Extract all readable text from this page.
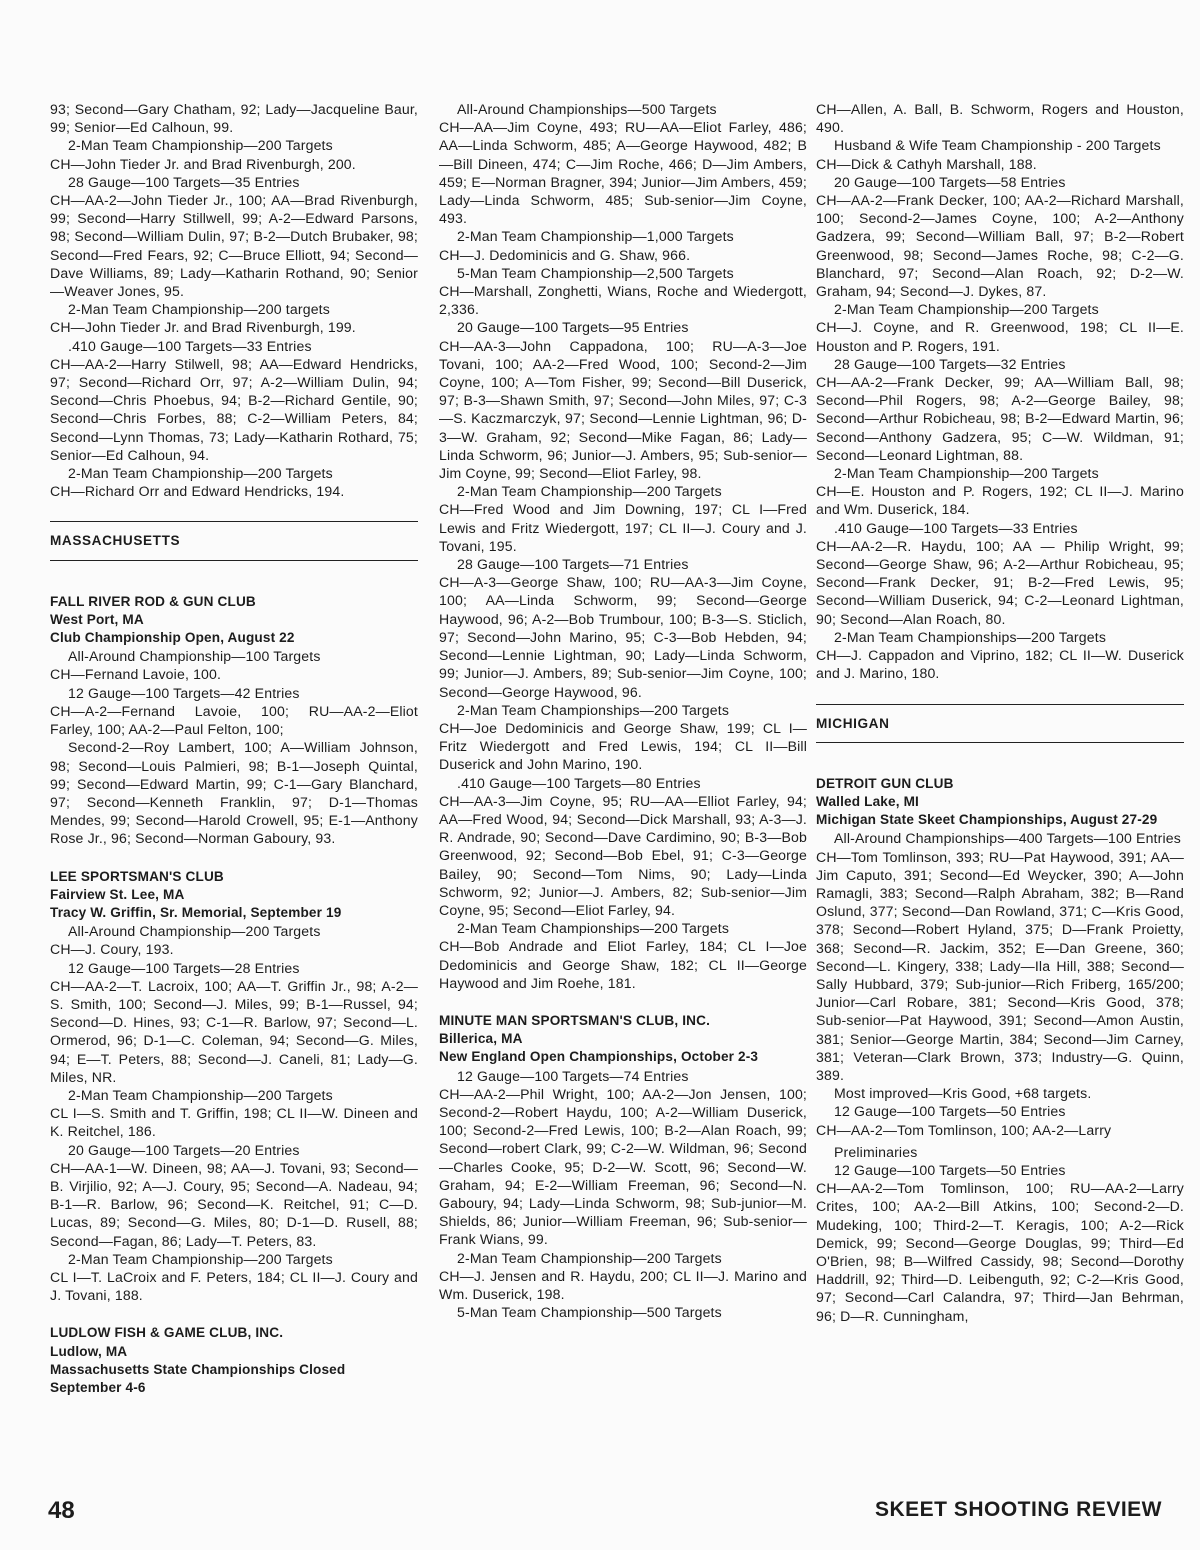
93; Second—Gary Chatham, 92; Lady—Jacqueline Baur, 99; Senior—Ed Calhoun, 99.

2-Man Team Championship—200 Targets

CH—John Tieder Jr. and Brad Rivenburgh, 200.

28 Gauge—100 Targets—35 Entries

CH—AA-2—John Tieder Jr., 100; AA—Brad Rivenburgh, 99; Second—Harry Stillwell, 99; A-2—Edward Parsons, 98; Second—William Dulin, 97; B-2—Dutch Brubaker, 98; Second—Fred Fears, 92; C—Bruce Elliott, 94; Second—Dave Williams, 89; Lady—Katharin Rothand, 90; Senior—Weaver Jones, 95.

2-Man Team Championship—200 targets

CH—John Tieder Jr. and Brad Rivenburgh, 199.

.410 Gauge—100 Targets—33 Entries

CH—AA-2—Harry Stilwell, 98; AA—Edward Hendricks, 97; Second—Richard Orr, 97; A-2—William Dulin, 94; Second—Chris Phoebus, 94; B-2—Richard Gentile, 90; Second—Chris Forbes, 88; C-2—William Peters, 84; Second—Lynn Thomas, 73; Lady—Katharin Rothard, 75; Senior—Ed Calhoun, 94.

2-Man Team Championship—200 Targets

CH—Richard Orr and Edward Hendricks, 194.

MASSACHUSETTS

FALL RIVER ROD & GUN CLUB

West Port, MA

Club Championship Open, August 22

All-Around Championship—100 Targets

CH—Fernand Lavoie, 100.

12 Gauge—100 Targets—42 Entries

CH—A-2—Fernand Lavoie, 100; RU—AA-2—Eliot Farley, 100; AA-2—Paul Felton, 100;

Second-2—Roy Lambert, 100; A—William Johnson, 98; Second—Louis Palmieri, 98; B-1—Joseph Quintal, 99; Second—Edward Martin, 99; C-1—Gary Blanchard, 97; Second—Kenneth Franklin, 97; D-1—Thomas Mendes, 99; Second—Harold Crowell, 95; E-1—Anthony Rose Jr., 96; Second—Norman Gaboury, 93.

LEE SPORTSMAN'S CLUB

Fairview St. Lee, MA

Tracy W. Griffin, Sr. Memorial, September 19

All-Around Championship—200 Targets

CH—J. Coury, 193.

12 Gauge—100 Targets—28 Entries

CH—AA-2—T. Lacroix, 100; AA—T. Griffin Jr., 98; A-2—S. Smith, 100; Second—J. Miles, 99; B-1—Russel, 94; Second—D. Hines, 93; C-1—R. Barlow, 97; Second—L. Ormerod, 96; D-1—C. Coleman, 94; Second—G. Miles, 94; E—T. Peters, 88; Second—J. Caneli, 81; Lady—G. Miles, NR.

2-Man Team Championship—200 Targets

CL I—S. Smith and T. Griffin, 198; CL II—W. Dineen and K. Reitchel, 186.

20 Gauge—100 Targets—20 Entries

CH—AA-1—W. Dineen, 98; AA—J. Tovani, 93; Second—B. Virjilio, 92; A—J. Coury, 95; Second—A. Nadeau, 94; B-1—R. Barlow, 96; Second—K. Reitchel, 91; C—D. Lucas, 89; Second—G. Miles, 80; D-1—D. Rusell, 88; Second—Fagan, 86; Lady—T. Peters, 83.

2-Man Team Championship—200 Targets

CL I—T. LaCroix and F. Peters, 184; CL II—J. Coury and J. Tovani, 188.

LUDLOW FISH & GAME CLUB, INC.

Ludlow, MA

Massachusetts State Championships Closed September 4-6

All-Around Championships—500 Targets

CH—AA—Jim Coyne, 493; RU—AA—Eliot Farley, 486; AA—Linda Schworm, 485; A—George Haywood, 482; B—Bill Dineen, 474; C—Jim Roche, 466; D—Jim Ambers, 459; E—Norman Bragner, 394; Junior—Jim Ambers, 459; Lady—Linda Schworm, 485; Sub-senior—Jim Coyne, 493.

2-Man Team Championship—1,000 Targets

CH—J. Dedominicis and G. Shaw, 966.

5-Man Team Championship—2,500 Targets

CH—Marshall, Zonghetti, Wians, Roche and Wiedergott, 2,336.

20 Gauge—100 Targets—95 Entries

CH—AA-3—John Cappadona, 100; RU—A-3—Joe Tovani, 100; AA-2—Fred Wood, 100; Second-2—Jim Coyne, 100; A—Tom Fisher, 99; Second—Bill Duserick, 97; B-3—Shawn Smith, 97; Second—John Miles, 97; C-3—S. Kaczmarczyk, 97; Second—Lennie Lightman, 96; D-3—W. Graham, 92; Second—Mike Fagan, 86; Lady—Linda Schworm, 96; Junior—J. Ambers, 95; Sub-senior—Jim Coyne, 99; Second—Eliot Farley, 98.

2-Man Team Championship—200 Targets

CH—Fred Wood and Jim Downing, 197; CL I—Fred Lewis and Fritz Wiedergott, 197; CL II—J. Coury and J. Tovani, 195.

28 Gauge—100 Targets—71 Entries

CH—A-3—George Shaw, 100; RU—AA-3—Jim Coyne, 100; AA—Linda Schworm, 99; Second—George Haywood, 96; A-2—Bob Trumbour, 100; B-3—S. Sticlich, 97; Second—John Marino, 95; C-3—Bob Hebden, 94; Second—Lennie Lightman, 90; Lady—Linda Schworm, 99; Junior—J. Ambers, 89; Sub-senior—Jim Coyne, 100; Second—George Haywood, 96.

2-Man Team Championships—200 Targets

CH—Joe Dedominicis and George Shaw, 199; CL I—Fritz Wiedergott and Fred Lewis, 194; CL II—Bill Duserick and John Marino, 190.

.410 Gauge—100 Targets—80 Entries

CH—AA-3—Jim Coyne, 95; RU—AA—Elliot Farley, 94; AA—Fred Wood, 94; Second—Dick Marshall, 93; A-3—J. R. Andrade, 90; Second—Dave Cardimino, 90; B-3—Bob Greenwood, 92; Second—Bob Ebel, 91; C-3—George Bailey, 90; Second—Tom Nims, 90; Lady—Linda Schworm, 92; Junior—J. Ambers, 82; Sub-senior—Jim Coyne, 95; Second—Eliot Farley, 94.

2-Man Team Championships—200 Targets

CH—Bob Andrade and Eliot Farley, 184; CL I—Joe Dedominicis and George Shaw, 182; CL II—George Haywood and Jim Roehe, 181.

MINUTE MAN SPORTSMAN'S CLUB, INC.

Billerica, MA

New England Open Championships, October 2-3

12 Gauge—100 Targets—74 Entries

CH—AA-2—Phil Wright, 100; AA-2—Jon Jensen, 100; Second-2—Robert Haydu, 100; A-2—William Duserick, 100; Second-2—Fred Lewis, 100; B-2—Alan Roach, 99; Second—robert Clark, 99; C-2—W. Wildman, 96; Second—Charles Cooke, 95; D-2—W. Scott, 96; Second—W. Graham, 94; E-2—William Freeman, 96; Second—N. Gaboury, 94; Lady—Linda Schworm, 98; Sub-junior—M. Shields, 86; Junior—William Freeman, 96; Sub-senior—Frank Wians, 99.

2-Man Team Championship—200 Targets

CH—J. Jensen and R. Haydu, 200; CL II—J. Marino and Wm. Duserick, 198.

5-Man Team Championship—500 Targets

CH—Allen, A. Ball, B. Schworm, Rogers and Houston, 490.

Husband & Wife Team Championship - 200 Targets

CH—Dick & Cathyh Marshall, 188.

20 Gauge—100 Targets—58 Entries

CH—AA-2—Frank Decker, 100; AA-2—Richard Marshall, 100; Second-2—James Coyne, 100; A-2—Anthony Gadzera, 99; Second—William Ball, 97; B-2—Robert Greenwood, 98; Second—James Roche, 98; C-2—G. Blanchard, 97; Second—Alan Roach, 92; D-2—W. Graham, 94; Second—J. Dykes, 87.

2-Man Team Championship—200 Targets

CH—J. Coyne, and R. Greenwood, 198; CL II—E. Houston and P. Rogers, 191.

28 Gauge—100 Targets—32 Entries

CH—AA-2—Frank Decker, 99; AA—William Ball, 98; Second—Phil Rogers, 98; A-2—George Bailey, 98; Second—Arthur Robicheau, 98; B-2—Edward Martin, 96; Second—Anthony Gadzera, 95; C—W. Wildman, 91; Second—Leonard Lightman, 88.

2-Man Team Championship—200 Targets

CH—E. Houston and P. Rogers, 192; CL II—J. Marino and Wm. Duserick, 184.

.410 Gauge—100 Targets—33 Entries

CH—AA-2—R. Haydu, 100; AA — Philip Wright, 99; Second—George Shaw, 96; A-2—Arthur Robicheau, 95; Second—Frank Decker, 91; B-2—Fred Lewis, 95; Second—William Duserick, 94; C-2—Leonard Lightman, 90; Second—Alan Roach, 80.

2-Man Team Championships—200 Targets

CH—J. Cappadon and Viprino, 182; CL II—W. Duserick and J. Marino, 180.

MICHIGAN

DETROIT GUN CLUB

Walled Lake, MI

Michigan State Skeet Championships, August 27-29

All-Around Championships—400 Targets—100 Entries

CH—Tom Tomlinson, 393; RU—Pat Haywood, 391; AA—Jim Caputo, 391; Second—Ed Weycker, 390; A—John Ramagli, 383; Second—Ralph Abraham, 382; B—Rand Oslund, 377; Second—Dan Rowland, 371; C—Kris Good, 378; Second—Robert Hyland, 375; D—Frank Proietty, 368; Second—R. Jackim, 352; E—Dan Greene, 360; Second—L. Kingery, 338; Lady—Ila Hill, 388; Second—Sally Hubbard, 379; Sub-junior—Rich Friberg, 165/200; Junior—Carl Robare, 381; Second—Kris Good, 378; Sub-senior—Pat Haywood, 391; Second—Amon Austin, 381; Senior—George Martin, 384; Second—Jim Carney, 381; Veteran—Clark Brown, 373; Industry—G. Quinn, 389.

Most improved—Kris Good, +68 targets.

12 Gauge—100 Targets—50 Entries

CH—AA-2—Tom Tomlinson, 100; AA-2—Larry

Preliminaries

12 Gauge—100 Targets—50 Entries

CH—AA-2—Tom Tomlinson, 100; RU—AA-2—Larry Crites, 100; AA-2—Bill Atkins, 100; Second-2—D. Mudeking, 100; Third-2—T. Keragis, 100; A-2—Rick Demick, 99; Second—George Douglas, 99; Third—Ed O'Brien, 98; B—Wilfred Cassidy, 98; Second—Dorothy Haddrill, 92; Third—D. Leibenguth, 92; C-2—Kris Good, 97; Second—Carl Calandra, 97; Third—Jan Behrman, 96; D—R. Cunningham,

48	SKEET SHOOTING REVIEW
